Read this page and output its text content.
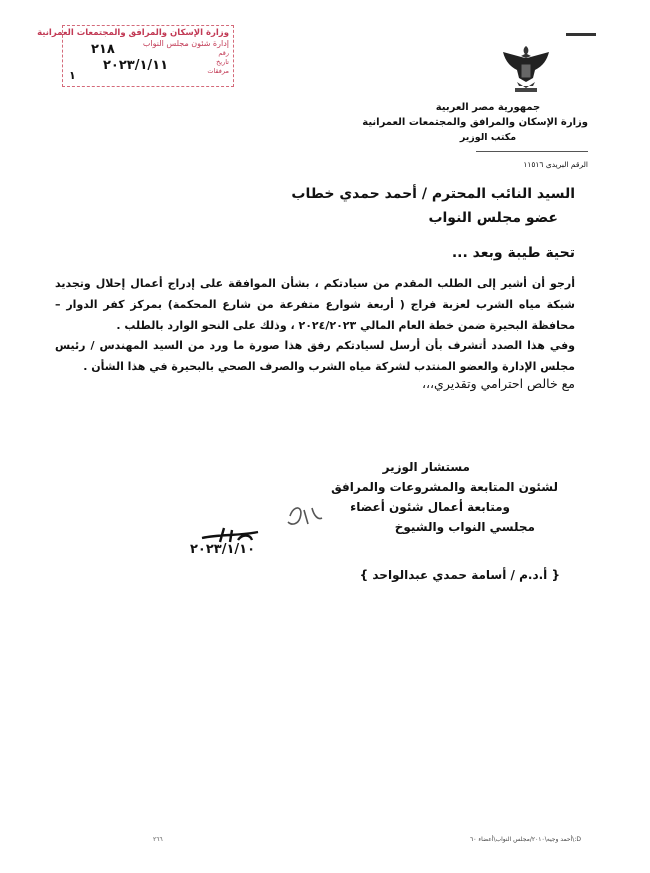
وزارة الإسكان والمرافق والمجتمعات العمرانية
إدارة شئون مجلس النواب
رقم
تاريخ
مرفقات
٢١٨
٢٠٢٣/١/١١
١
جمهورية مصر العربية
وزارة الإسكان والمرافق والمجتمعات العمرانية
مكتب الوزير
الرقم البريدى ١١٥١٦
السيد النائب المحترم / أحمد حمدي خطاب
عضو مجلس النواب
تحية طيبة وبعد ...
أرجو أن أشير إلى الطلب المقدم من سيادتكم ، بشأن الموافقة على إدراج أعمال إحلال وتجديد شبكة مياه الشرب لعزبة فراج ( أربعة شوارع متفرعة من شارع المحكمة) بمركز كفر الدوار – محافظة البحيرة ضمن خطة العام المالي ٢٠٢٤/٢٠٢٣ ، وذلك على النحو الوارد بالطلب .
وفي هذا الصدد أتشرف بأن أرسل لسيادتكم رفق هذا صورة ما ورد من السيد المهندس / رئيس مجلس الإدارة والعضو المنتدب لشركة مياه الشرب والصرف الصحي بالبحيرة في هذا الشأن .
مع خالص احترامي وتقديري،،،
مستشار الوزير
لشئون المتابعة والمشروعات والمرافق
ومتابعة أعمال شئون أعضاء
مجلسي النواب والشيوخ
٢٠٢٣/١/١٠
{ أ.د.م / أسامة حمدي عبدالواحد }
D:\أحمد وجيه\٢٠١٠/مجلس النواب\أعضاء ٦٠
٢٦٦
